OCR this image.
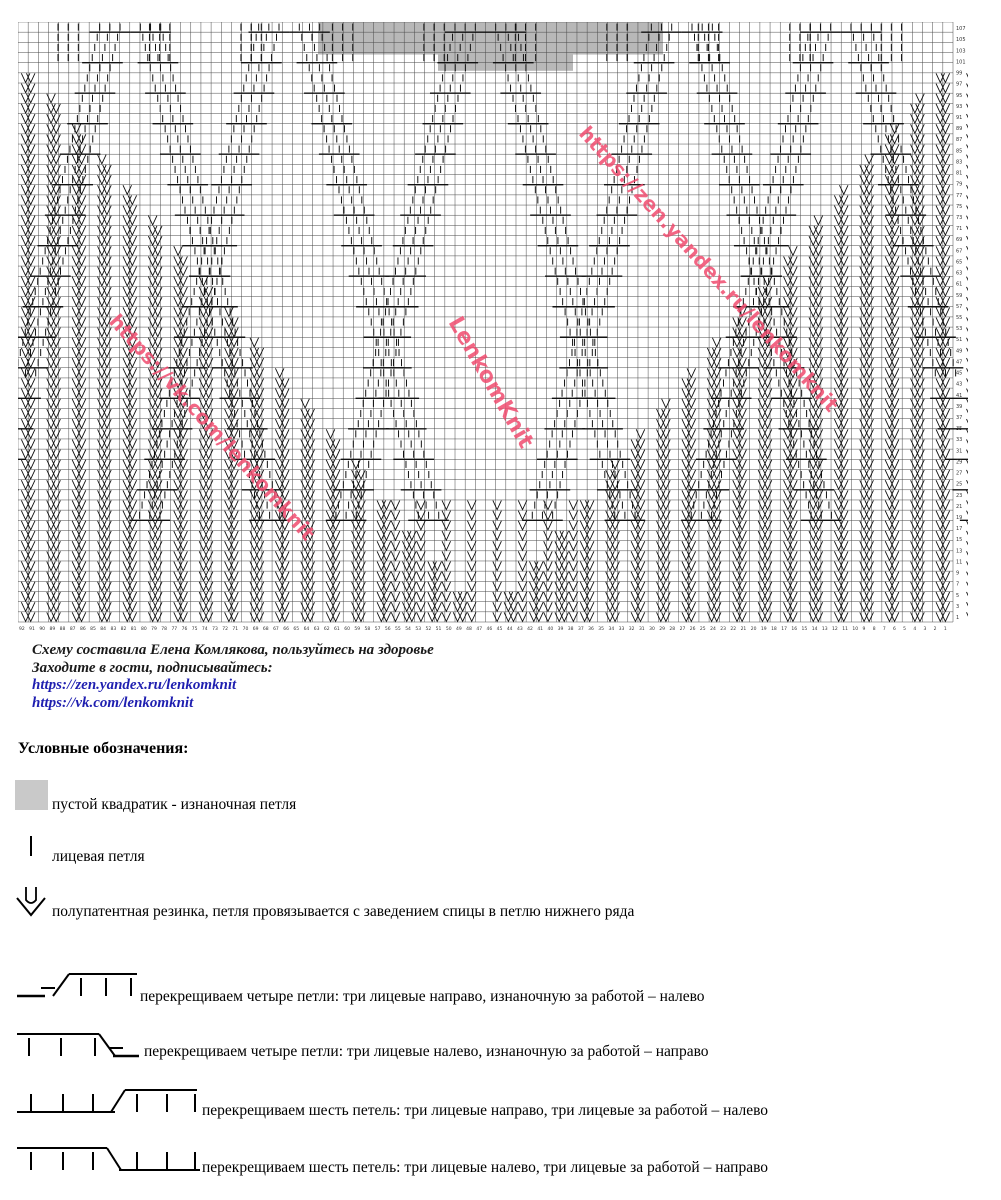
107
105
103
101
99
97
95
93
91
89
87
85
83
81
79
77
75
73
71
69
67
65
63
61
59
57
55
53
51
49
47
45
43
41
39
37
35
33
31
29
27
25
23
21
19
17
15
13
11
9
7
5
3
1
92 91 90 89 88 87 86 85 84 83 82 81 80 79 78 77 76 75 74 73 72 71 70 69 68 67 66 65 64 63 62 61 60 59 58 57 56 55 54 53 52 51 50 49 48 47 46 45 44 43 42 41 40 39 38 37 36 35 34 33 32 31 30 29 28 27 26 25 24 23 22 21 20 19 18 17 16 15 14 13 12 11 10 9 8 7 6 5 4 3 2 1
https://vk.com/lenkomknit	LenkomKnit https://zen.yandex.ru/lenkomknit
Схему составила Елена Комлякова, пользуйтесь на здоровье
Заходите в гости, подписывайтесь:
https://zen.yandex.ru/lenkomknit
https://vk.com/lenkomknit
Условные обозначения:
пустой квадратик - изнаночная петля
лицевая петля
полупатентная резинка, петля провязывается с заведением спицы в петлю нижнего ряда
перекрещиваем четыре петли: три лицевые направо, изнаночную за работой – налево
перекрещиваем четыре петли: три лицевые налево, изнаночную за работой – направо
перекрещиваем шесть петель: три лицевые направо, три лицевые за работой – налево
перекрещиваем шесть петель: три лицевые налево, три лицевые за работой – направо
